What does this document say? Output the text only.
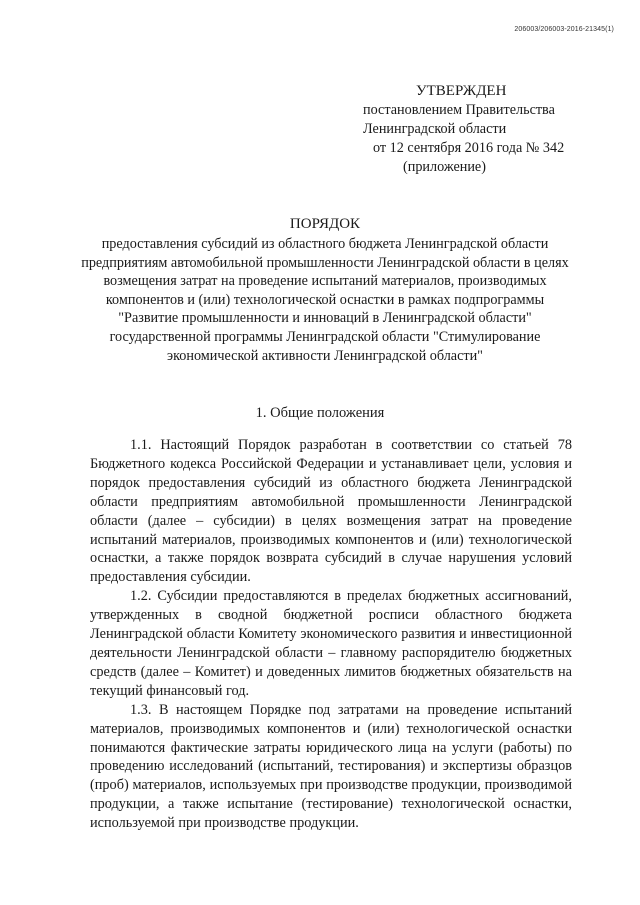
206003/206003-2016-21345(1)
УТВЕРЖДЕН
постановлением Правительства
Ленинградской области
от 12 сентября 2016 года № 342
(приложение)
ПОРЯДОК
предоставления субсидий из областного бюджета Ленинградской области предприятиям автомобильной промышленности Ленинградской области в целях возмещения затрат на проведение испытаний материалов, производимых компонентов и (или) технологической оснастки в рамках подпрограммы "Развитие промышленности и инноваций в Ленинградской области" государственной программы Ленинградской области "Стимулирование экономической активности Ленинградской области"
1. Общие положения

1.1. Настоящий Порядок разработан в соответствии со статьей 78 Бюджетного кодекса Российской Федерации и устанавливает цели, условия и порядок предоставления субсидий из областного бюджета Ленинградской области предприятиям автомобильной промышленности Ленинградской области (далее – субсидии) в целях возмещения затрат на проведение испытаний материалов, производимых компонентов и (или) технологической оснастки, а также порядок возврата субсидий в случае нарушения условий предоставления субсидии.

1.2. Субсидии предоставляются в пределах бюджетных ассигнований, утвержденных в сводной бюджетной росписи областного бюджета Ленинградской области Комитету экономического развития и инвестиционной деятельности Ленинградской области – главному распорядителю бюджетных средств (далее – Комитет) и доведенных лимитов бюджетных обязательств на текущий финансовый год.

1.3. В настоящем Порядке под затратами на проведение испытаний материалов, производимых компонентов и (или) технологической оснастки понимаются фактические затраты юридического лица на услуги (работы) по проведению исследований (испытаний, тестирования) и экспертизы образцов (проб) материалов, используемых при производстве продукции, производимой продукции, а также испытание (тестирование) технологической оснастки, используемой при производстве продукции.
